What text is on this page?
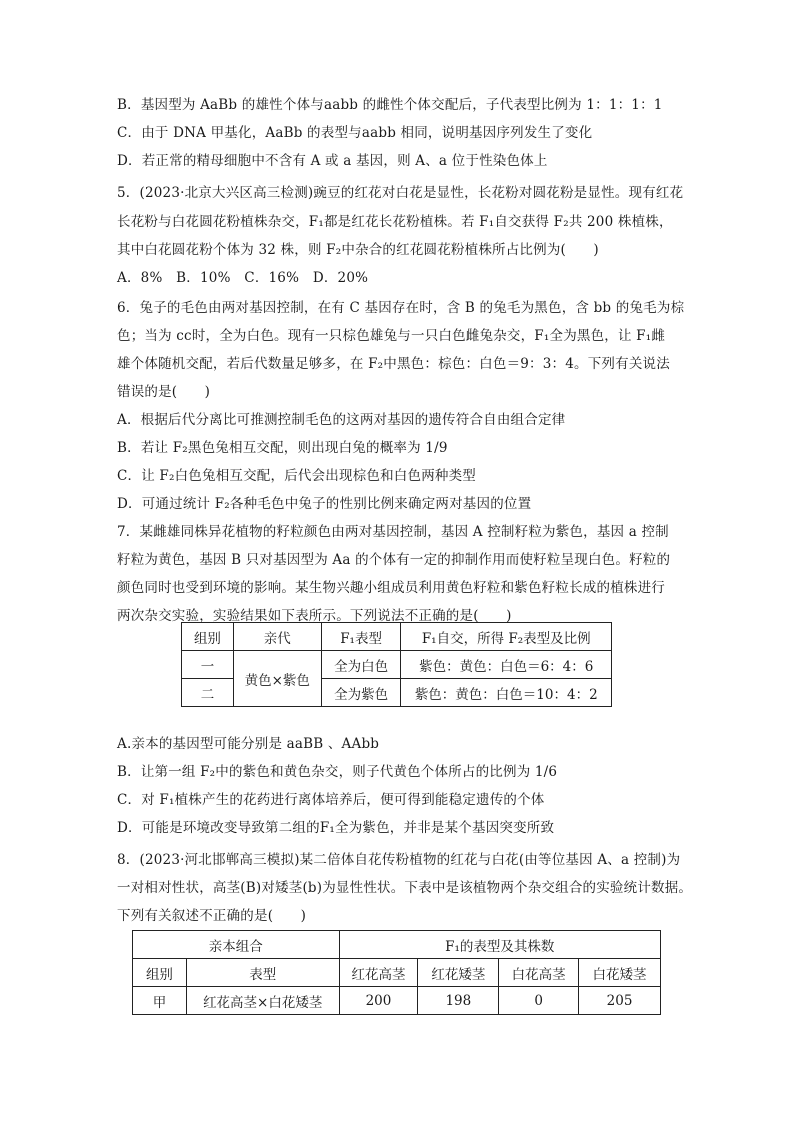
B．基因型为 AaBb 的雄性个体与aabb 的雌性个体交配后，子代表型比例为 1：1：1：1
C．由于 DNA 甲基化，AaBb 的表型与aabb 相同，说明基因序列发生了变化
D．若正常的精母细胞中不含有 A 或 a 基因，则 A、a 位于性染色体上
5．(2023·北京大兴区高三检测)豌豆的红花对白花是显性，长花粉对圆花粉是显性。现有红花
长花粉与白花圆花粉植株杂交，F₁都是红花长花粉植株。若 F₁自交获得 F₂共 200 株植株，
其中白花圆花粉个体为 32 株，则 F₂中杂合的红花圆花粉植株所占比例为(　　)
A．8%　B．10%　C．16%　D．20%
6．兔子的毛色由两对基因控制，在有 C 基因存在时，含 B 的兔毛为黑色，含 bb 的兔毛为棕
色；当为 cc时，全为白色。现有一只棕色雄兔与一只白色雌兔杂交，F₁全为黑色，让 F₁雌
雄个体随机交配，若后代数量足够多，在 F₂中黑色：棕色：白色＝9：3：4。下列有关说法
错误的是(　　)
A．根据后代分离比可推测控制毛色的这两对基因的遗传符合自由组合定律
B．若让 F₂黑色兔相互交配，则出现白兔的概率为 1/9
C．让 F₂白色兔相互交配，后代会出现棕色和白色两种类型
D．可通过统计 F₂各种毛色中兔子的性别比例来确定两对基因的位置
7．某雌雄同株异花植物的籽粒颜色由两对基因控制，基因 A 控制籽粒为紫色，基因 a 控制
籽粒为黄色，基因 B 只对基因型为 Aa 的个体有一定的抑制作用而使籽粒呈现白色。籽粒的
颜色同时也受到环境的影响。某生物兴趣小组成员利用黄色籽粒和紫色籽粒长成的植株进行
两次杂交实验，实验结果如下表所示。下列说法不正确的是(　　)
A.亲本的基因型可能分别是 aaBB 、AAbb
B．让第一组 F₂中的紫色和黄色杂交，则子代黄色个体所占的比例为 1/6
C．对 F₁植株产生的花药进行离体培养后，便可得到能稳定遗传的个体
D．可能是环境改变导致第二组的F₁全为紫色，并非是某个基因突变所致
8．(2023·河北邯郸高三模拟)某二倍体自花传粉植物的红花与白花(由等位基因 A、a 控制)为
一对相对性状，高茎(B)对矮茎(b)为显性性状。下表中是该植物两个杂交组合的实验统计数据。
下列有关叙述不正确的是(　　)
组别	亲代	F₁表型	F₁自交，所得 F₂表型及比例
一	黄色×紫色	全为白色	紫色：黄色：白色＝6：4：6
二		全为紫色	紫色：黄色：白色＝10：4：2
亲本组合		F₁的表型及其株数			
组别	表型	红花高茎	红花矮茎	白花高茎	白花矮茎
甲	红花高茎×白花矮茎	200	198	0	205
